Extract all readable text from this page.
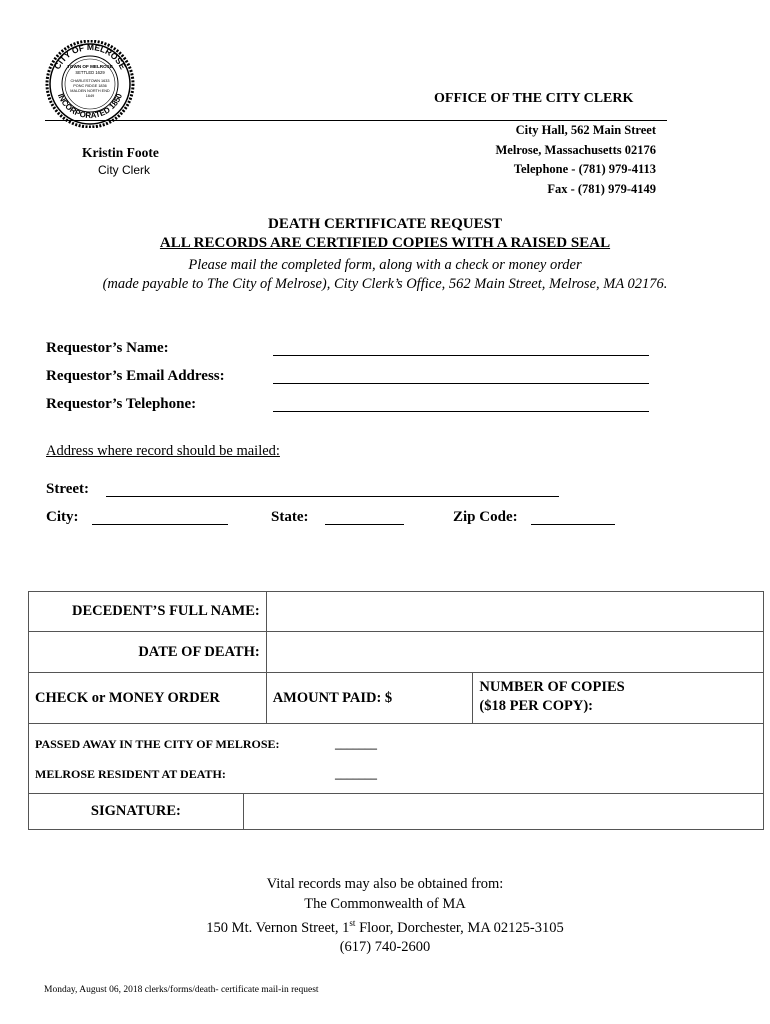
CITY OF MELROSE
INCORPORATED 1850
TOWN OF MELROSE
SETTLED 1629
CHARLESTOWN 1633
PONC RIDGE 1836
MALDEN NORTH END
1649	OFFICE OF THE CITY CLERK
City Hall, 562 Main Street
Melrose, Massachusetts 02176
Telephone - (781) 979-4113
Fax - (781) 979-4149
Kristin Foote
City Clerk
DEATH CERTIFICATE REQUEST
ALL RECORDS ARE CERTIFIED COPIES WITH A RAISED SEAL
Please mail the completed form, along with a check or money order
(made payable to The City of Melrose), City Clerk’s Office, 562 Main Street, Melrose, MA 02176.
Requestor’s Name:
Requestor’s Email Address:
Requestor’s Telephone:
Address where record should be mailed:
Street:
City:	State:	Zip Code:
DECEDENT’S FULL NAME:			
DATE OF DEATH:			
CHECK or MONEY ORDER		AMOUNT PAID: $	NUMBER OF COPIES
($18 PER COPY):

PASSED AWAY IN THE CITY OF MELROSE: _______
MELROSE RESIDENT AT DEATH: _______			

SIGNATURE:			
Vital records may also be obtained from:
The Commonwealth of MA
150 Mt. Vernon Street, 1st Floor, Dorchester, MA 02125-3105
(617) 740-2600
Monday, August 06, 2018 clerks/forms/death- certificate mail-in request
